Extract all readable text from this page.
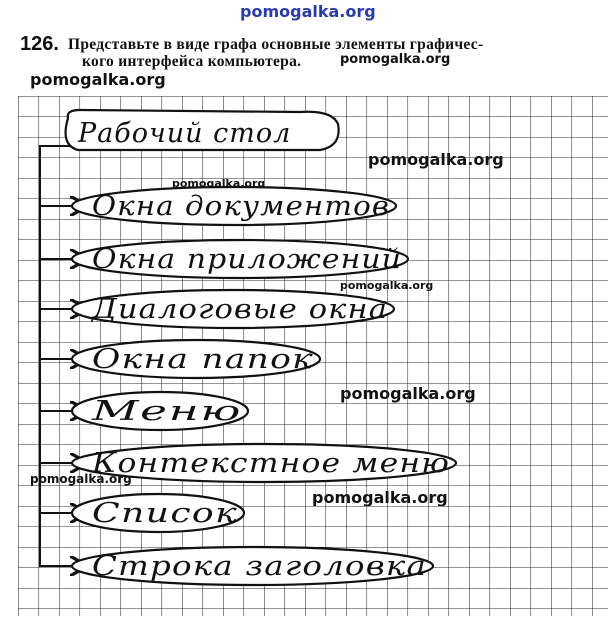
pomogalka.org
pomogalka.org
pomogalka.org
126. Представьте в виде графа основные элементы графичес-
кого интерфейса компьютера.
Рабочий стол
Окна документов
Окна приложений
Диалоговые окна
Окна папок
Меню
Контекстное меню
Список
Строка заголовка
